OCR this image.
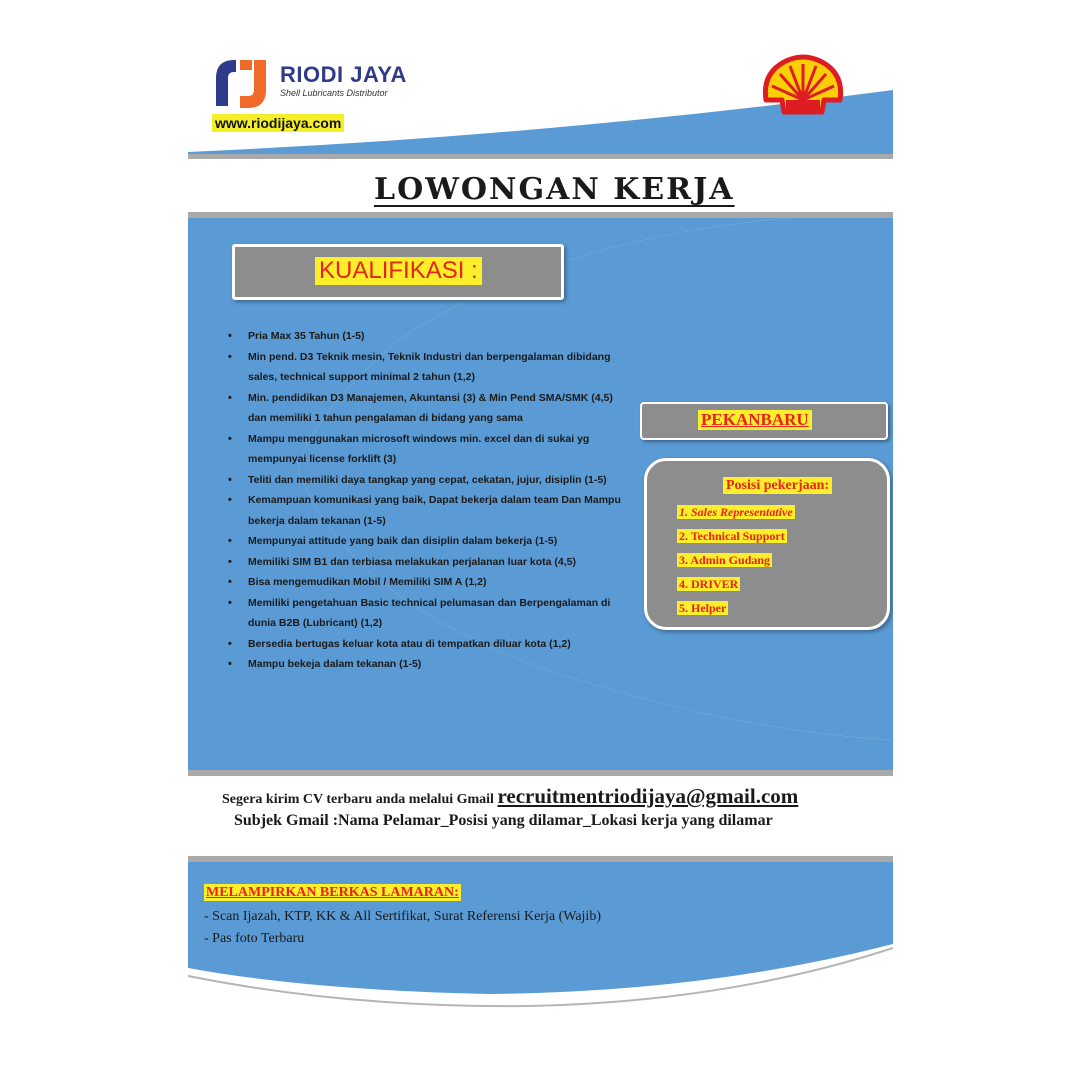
RIODI JAYA
Shell Lubricants Distributor
www.riodijaya.com
LOWONGAN KERJA
KUALIFIKASI :
• Pria Max 35 Tahun (1-5)
• Min pend. D3 Teknik mesin, Teknik Industri dan berpengalaman dibidang sales, technical support minimal 2 tahun (1,2)
• Min. pendidikan D3 Manajemen, Akuntansi (3) & Min Pend SMA/SMK (4,5) dan memiliki 1 tahun pengalaman di bidang yang sama
• Mampu menggunakan microsoft windows min. excel dan di sukai yg mempunyai license forklift (3)
• Teliti dan memiliki daya tangkap yang cepat, cekatan, jujur, disiplin (1-5)
• Kemampuan komunikasi yang baik, Dapat bekerja dalam team Dan Mampu bekerja dalam tekanan (1-5)
• Mempunyai attitude yang baik dan disiplin dalam bekerja (1-5)
• Memiliki SIM B1 dan terbiasa melakukan perjalanan luar kota (4,5)
• Bisa mengemudikan Mobil / Memiliki SIM A (1,2)
• Memiliki pengetahuan Basic technical pelumasan dan Berpengalaman di dunia B2B (Lubricant) (1,2)
• Bersedia bertugas keluar kota atau di tempatkan diluar kota (1,2)
• Mampu bekeja dalam tekanan (1-5)
PEKANBARU
Posisi pekerjaan:
1. Sales Representative
2. Technical Support
3. Admin Gudang
4. DRIVER
5. Helper
Segera kirim CV terbaru anda melalui Gmail recruitmentriodijaya@gmail.com
Subjek Gmail :Nama Pelamar_Posisi yang dilamar_Lokasi kerja yang dilamar
MELAMPIRKAN BERKAS LAMARAN:
- Scan Ijazah, KTP, KK & All Sertifikat, Surat Referensi Kerja (Wajib)
- Pas foto Terbaru
